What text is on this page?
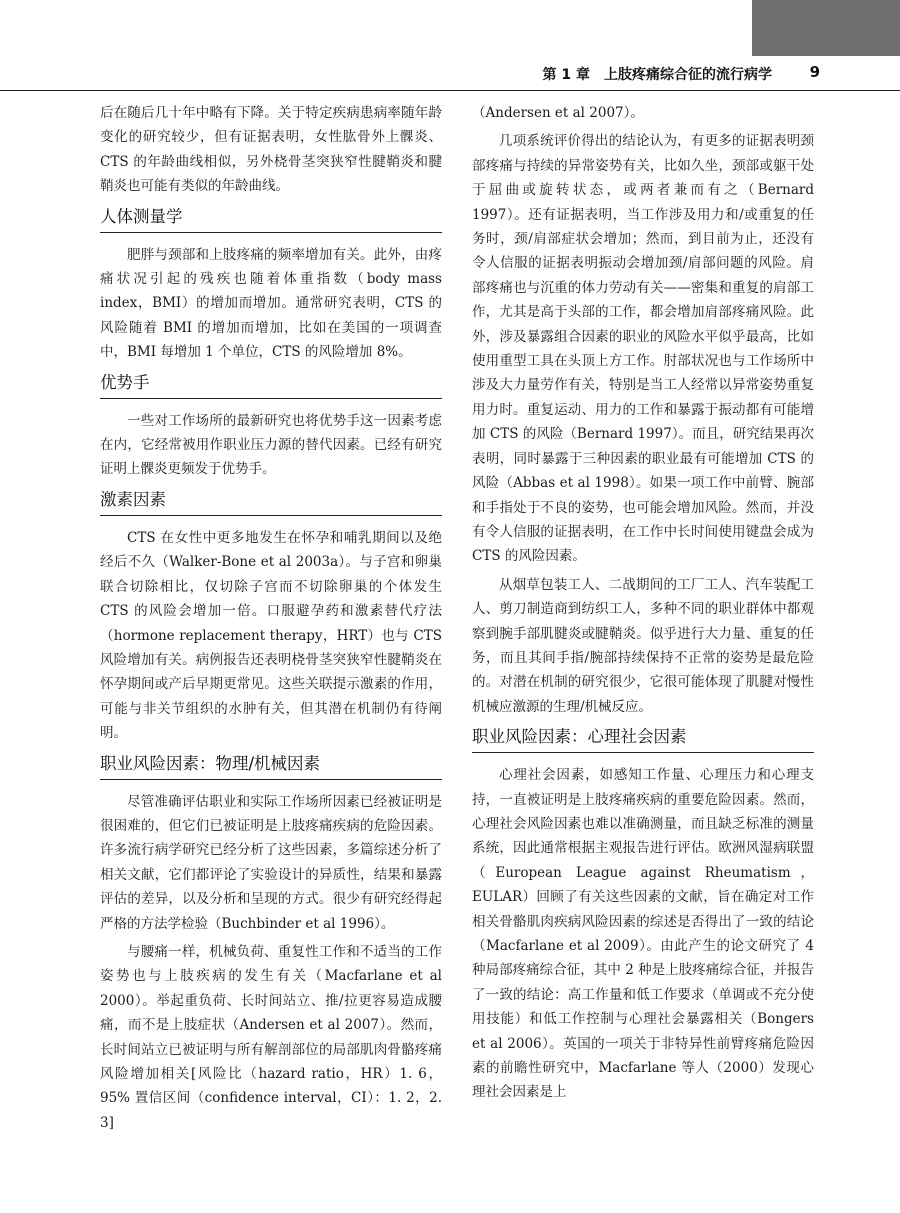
第 1 章　上肢疼痛综合征的流行病学	9

后在随后几十年中略有下降。关于特定疾病患病率随年龄变化的研究较少，但有证据表明，女性肱骨外上髁炎、CTS 的年龄曲线相似，另外桡骨茎突狭窄性腱鞘炎和腱鞘炎也可能有类似的年龄曲线。

人体测量学

肥胖与颈部和上肢疼痛的频率增加有关。此外，由疼痛状况引起的残疾也随着体重指数（body mass index，BMI）的增加而增加。通常研究表明，CTS 的风险随着 BMI 的增加而增加，比如在美国的一项调查中，BMI 每增加 1 个单位，CTS 的风险增加 8%。

优势手

一些对工作场所的最新研究也将优势手这一因素考虑在内，它经常被用作职业压力源的替代因素。已经有研究证明上髁炎更频发于优势手。

激素因素

CTS 在女性中更多地发生在怀孕和哺乳期间以及绝经后不久（Walker-Bone et al 2003a）。与子宫和卵巢联合切除相比，仅切除子宫而不切除卵巢的个体发生 CTS 的风险会增加一倍。口服避孕药和激素替代疗法（hormone replacement therapy，HRT）也与 CTS 风险增加有关。病例报告还表明桡骨茎突狭窄性腱鞘炎在怀孕期间或产后早期更常见。这些关联提示激素的作用，可能与非关节组织的水肿有关，但其潜在机制仍有待阐明。

职业风险因素：物理/机械因素

尽管准确评估职业和实际工作场所因素已经被证明是很困难的，但它们已被证明是上肢疼痛疾病的危险因素。许多流行病学研究已经分析了这些因素，多篇综述分析了相关文献，它们都评论了实验设计的异质性，结果和暴露评估的差异，以及分析和呈现的方式。很少有研究经得起严格的方法学检验（Buchbinder et al 1996）。

与腰痛一样，机械负荷、重复性工作和不适当的工作姿势也与上肢疾病的发生有关（Macfarlane et al 2000）。举起重负荷、长时间站立、推/拉更容易造成腰痛，而不是上肢症状（Andersen et al 2007）。然而，长时间站立已被证明与所有解剖部位的局部肌肉骨骼疼痛风险增加相关[风险比（hazard ratio，HR）1. 6，95% 置信区间（confidence interval，CI）：1. 2，2. 3]

（Andersen et al 2007）。

几项系统评价得出的结论认为，有更多的证据表明颈部疼痛与持续的异常姿势有关，比如久坐，颈部或躯干处于屈曲或旋转状态，或两者兼而有之（Bernard 1997）。还有证据表明，当工作涉及用力和/或重复的任务时，颈/肩部症状会增加；然而，到目前为止，还没有令人信服的证据表明振动会增加颈/肩部问题的风险。肩部疼痛也与沉重的体力劳动有关——密集和重复的肩部工作，尤其是高于头部的工作，都会增加肩部疼痛风险。此外，涉及暴露组合因素的职业的风险水平似乎最高，比如使用重型工具在头顶上方工作。肘部状况也与工作场所中涉及大力量劳作有关，特别是当工人经常以异常姿势重复用力时。重复运动、用力的工作和暴露于振动都有可能增加 CTS 的风险（Bernard 1997）。而且，研究结果再次表明，同时暴露于三种因素的职业最有可能增加 CTS 的风险（Abbas et al 1998）。如果一项工作中前臂、腕部和手指处于不良的姿势，也可能会增加风险。然而，并没有令人信服的证据表明，在工作中长时间使用键盘会成为 CTS 的风险因素。

从烟草包装工人、二战期间的工厂工人、汽车装配工人、剪刀制造商到纺织工人，多种不同的职业群体中都观察到腕手部肌腱炎或腱鞘炎。似乎进行大力量、重复的任务，而且其间手指/腕部持续保持不正常的姿势是最危险的。对潜在机制的研究很少，它很可能体现了肌腱对慢性机械应激源的生理/机械反应。

职业风险因素：心理社会因素

心理社会因素，如感知工作量、心理压力和心理支持，一直被证明是上肢疼痛疾病的重要危险因素。然而，心理社会风险因素也难以准确测量，而且缺乏标准的测量系统，因此通常根据主观报告进行评估。欧洲风湿病联盟（European League against Rheumatism，EULAR）回顾了有关这些因素的文献，旨在确定对工作相关骨骼肌肉疾病风险因素的综述是否得出了一致的结论（Macfarlane et al 2009）。由此产生的论文研究了 4 种局部疼痛综合征，其中 2 种是上肢疼痛综合征，并报告了一致的结论：高工作量和低工作要求（单调或不充分使用技能）和低工作控制与心理社会暴露相关（Bongers et al 2006）。英国的一项关于非特异性前臂疼痛危险因素的前瞻性研究中，Macfarlane 等人（2000）发现心理社会因素是上
